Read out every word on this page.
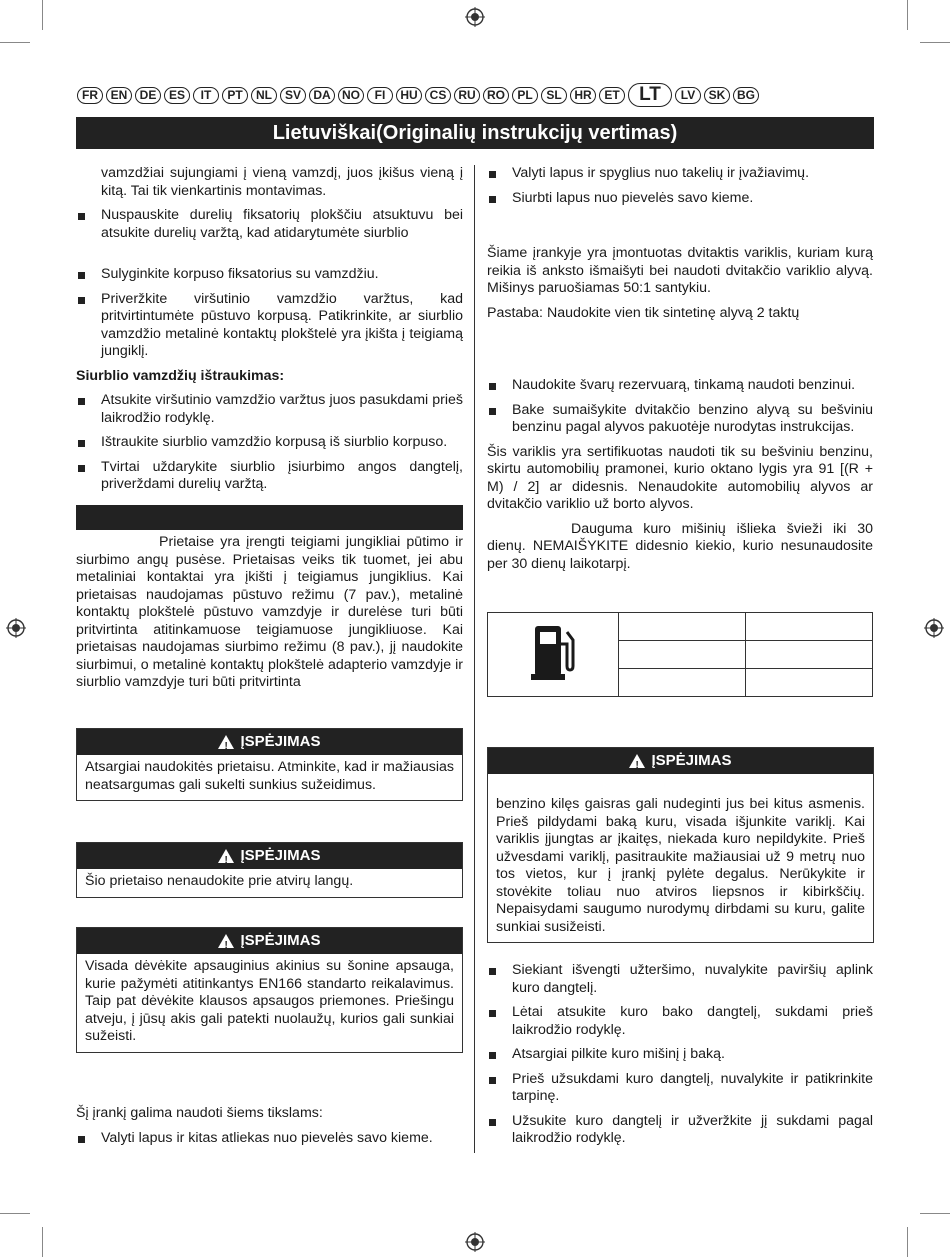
FR	EN	DE	ES	IT	PT	NL	SV	DA NO	FI	HU CS	RU RO	PL	SL	HR	ET	LT	LV	SK BG
Lietuviškai(Originalių instrukcijų vertimas)
vamzdžiai sujungiami į vieną vamzdį, juos įkišus vieną į kitą. Tai tik vienkartinis montavimas.
Nuspauskite durelių fiksatorių plokščiu atsuktuvu bei atsukite durelių varžtą, kad atidarytumėte siurblio
Sulyginkite korpuso fiksatorius su vamzdžiu.
Priveržkite viršutinio vamzdžio varžtus, kad pritvirtintumėte pūstuvo korpusą. Patikrinkite, ar siurblio vamzdžio metalinė kontaktų plokštelė yra įkišta į teigiamą jungiklį.
Siurblio vamzdžių ištraukimas:
Atsukite viršutinio vamzdžio varžtus juos pasukdami prieš laikrodžio rodyklę.
Ištraukite siurblio vamzdžio korpusą iš siurblio korpuso.
Tvirtai uždarykite siurblio įsiurbimo angos dangtelį, priverždami durelių varžtą.
Prietaise yra įrengti teigiami jungikliai pūtimo ir siurbimo angų pusėse. Prietaisas veiks tik tuomet, jei abu metaliniai kontaktai yra įkišti į teigiamus jungiklius. Kai prietaisas naudojamas pūstuvo režimu (7 pav.), metalinė kontaktų plokštelė pūstuvo vamzdyje ir durelėse turi būti pritvirtinta atitinkamuose teigiamuose jungikliuose. Kai prietaisas naudojamas siurbimo režimu (8 pav.), jį naudokite siurbimui, o metalinė kontaktų plokštelė adapterio vamzdyje ir siurblio vamzdyje turi būti pritvirtinta
! ĮSPĖJIMAS
Atsargiai naudokitės prietaisu. Atminkite, kad ir mažiausias neatsargumas gali sukelti sunkius sužeidimus.
! ĮSPĖJIMAS
Šio prietaiso nenaudokite prie atvirų langų.
! ĮSPĖJIMAS
Visada dėvėkite apsauginius akinius su šonine apsauga, kurie pažymėti atitinkantys EN166 standarto reikalavimus. Taip pat dėvėkite klausos apsaugos priemones. Priešingu atveju, į jūsų akis gali patekti nuolaužų, kurios gali sunkiai sužeisti.
Šį įrankį galima naudoti šiems tikslams:
Valyti lapus ir kitas atliekas nuo pievelės savo kieme.
Valyti lapus ir spyglius nuo takelių ir įvažiavimų.
Siurbti lapus nuo pievelės savo kieme.
Šiame įrankyje yra įmontuotas dvitaktis variklis, kuriam kurą reikia iš anksto išmaišyti bei naudoti dvitakčio variklio alyvą. Mišinys paruošiamas 50:1 santykiu.
Pastaba: Naudokite vien tik sintetinę alyvą 2 taktų
Naudokite švarų rezervuarą, tinkamą naudoti benzinui.
Bake sumaišykite dvitakčio benzino alyvą su bešviniu benzinu pagal alyvos pakuotėje nurodytas instrukcijas.
Šis variklis yra sertifikuotas naudoti tik su bešviniu benzinu, skirtu automobilių pramonei, kurio oktano lygis yra 91 [(R + M) / 2] ar didesnis. Nenaudokite automobilių alyvos ar dvitakčio variklio už borto alyvos.
Dauguma kuro mišinių išlieka švieži iki 30 dienų. NEMAIŠYKITE didesnio kiekio, kurio nesunaudosite per 30 dienų laikotarpį.

! ĮSPĖJIMAS
benzino kilęs gaisras gali nudeginti jus bei kitus asmenis. Prieš pildydami baką kuru, visada išjunkite variklį. Kai variklis įjungtas ar įkaitęs, niekada kuro nepildykite. Prieš užvesdami variklį, pasitraukite mažiausiai už 9 metrų nuo tos vietos, kur į įrankį pylėte degalus. Nerūkykite ir stovėkite toliau nuo atviros liepsnos ir kibirkščių. Nepaisydami saugumo nurodymų dirbdami su kuru, galite sunkiai susižeisti.
Siekiant išvengti užteršimo, nuvalykite paviršių aplink kuro dangtelį.
Lėtai atsukite kuro bako dangtelį, sukdami prieš laikrodžio rodyklę.
Atsargiai pilkite kuro mišinį į baką.
Prieš užsukdami kuro dangtelį, nuvalykite ir patikrinkite tarpinę.
Užsukite kuro dangtelį ir užveržkite jį sukdami pagal laikrodžio rodyklę.
